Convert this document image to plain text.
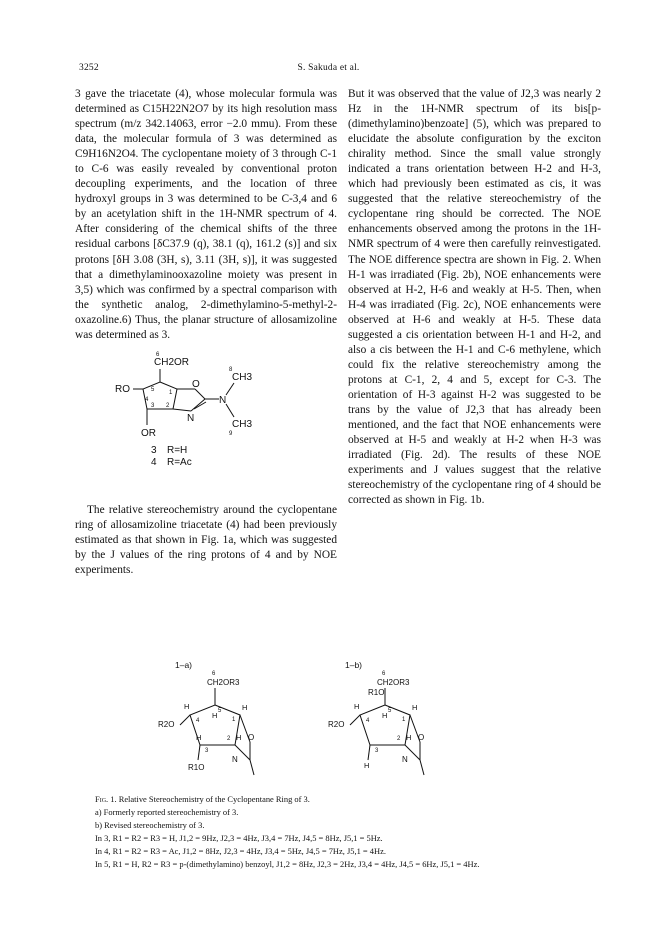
3252	S. Sakuda et al.

3 gave the triacetate (4), whose molecular formula was determined as C15H22N2O7 by its high resolution mass spectrum (m/z 342.14063, error −2.0 mmu). From these data, the molecular formula of 3 was determined as C9H16N2O4. The cyclopentane moiety of 3 through C-1 to C-6 was easily revealed by conventional proton decoupling experiments, and the location of three hydroxyl groups in 3 was determined to be C-3,4 and 6 by an acetylation shift in the 1H-NMR spectrum of 4. After considering of the chemical shifts of the three residual carbons [δC37.9 (q), 38.1 (q), 161.2 (s)] and six protons [δH 3.08 (3H, s), 3.11 (3H, s)], it was suggested that a dimethylaminooxazoline moiety was present in 3,5) which was confirmed by a spectral comparison with the synthetic analog, 2-dimethylamino-5-methyl-2-oxazoline.6) Thus, the planar structure of allosamizoline was determined as 3.

CH2OR
6
RO
OR
O
N
N
CH3
CH3
8
9
5
4
3 2
1
3 R=H
4 R=Ac

The relative stereochemistry around the cyclopentane ring of allosamizoline triacetate (4) had been previously estimated as that shown in Fig. 1a, which was suggested by the J values of the ring protons of 4 and by NOE experiments.

But it was observed that the value of J2,3 was nearly 2 Hz in the 1H-NMR spectrum of its bis[p-(dimethylamino)benzoate] (5), which was prepared to elucidate the absolute configuration by the exciton chirality method. Since the small value strongly indicated a trans orientation between H-2 and H-3, which had previously been estimated as cis, it was suggested that the relative stereochemistry of the cyclopentane ring should be corrected. The NOE enhancements observed among the protons in the 1H-NMR spectrum of 4 were then carefully reinvestigated. The NOE difference spectra are shown in Fig. 2. When H-1 was irradiated (Fig. 2b), NOE enhancements were observed at H-2, H-6 and weakly at H-5. Then, when H-4 was irradiated (Fig. 2c), NOE enhancements were observed at H-6 and weakly at H-5. These data suggested a cis orientation between H-1 and H-2, and also a cis between the H-1 and C-6 methylene, which could fix the relative stereochemistry among the protons at C-1, 2, 4 and 5, except for C-3. The orientation of H-3 against H-2 was suggested to be trans by the value of J2,3 that has already been mentioned, and the fact that NOE enhancements were observed at H-5 and weakly at H-2 when H-3 was irradiated (Fig. 2d). The results of these NOE experiments and J values suggest that the relative stereochemistry of the cyclopentane ring of 4 should be corrected as shown in Fig. 1b.

1–a)	1–b)
CH2OR3	CH2OR3
R2O	R2O
R1O
R1O
O	O
N	N
6	6
5	5
4	4
3	3
2	2
1	1
H
H
H
H
H
H
H
H
H
H
Fig. 1. Relative Stereochemistry of the Cyclopentane Ring of 3.
a) Formerly reported stereochemistry of 3.
b) Revised stereochemistry of 3.
In 3, R1 = R2 = R3 = H, J1,2 = 9Hz, J2,3 = 4Hz, J3,4 = 7Hz, J4,5 = 8Hz, J5,1 = 5Hz.
In 4, R1 = R2 = R3 = Ac, J1,2 = 8Hz, J2,3 = 4Hz, J3,4 = 5Hz, J4,5 = 7Hz, J5,1 = 4Hz.
In 5, R1 = H, R2 = R3 = p-(dimethylamino) benzoyl, J1,2 = 8Hz, J2,3 = 2Hz, J3,4 = 4Hz, J4,5 = 6Hz, J5,1 = 4Hz.
